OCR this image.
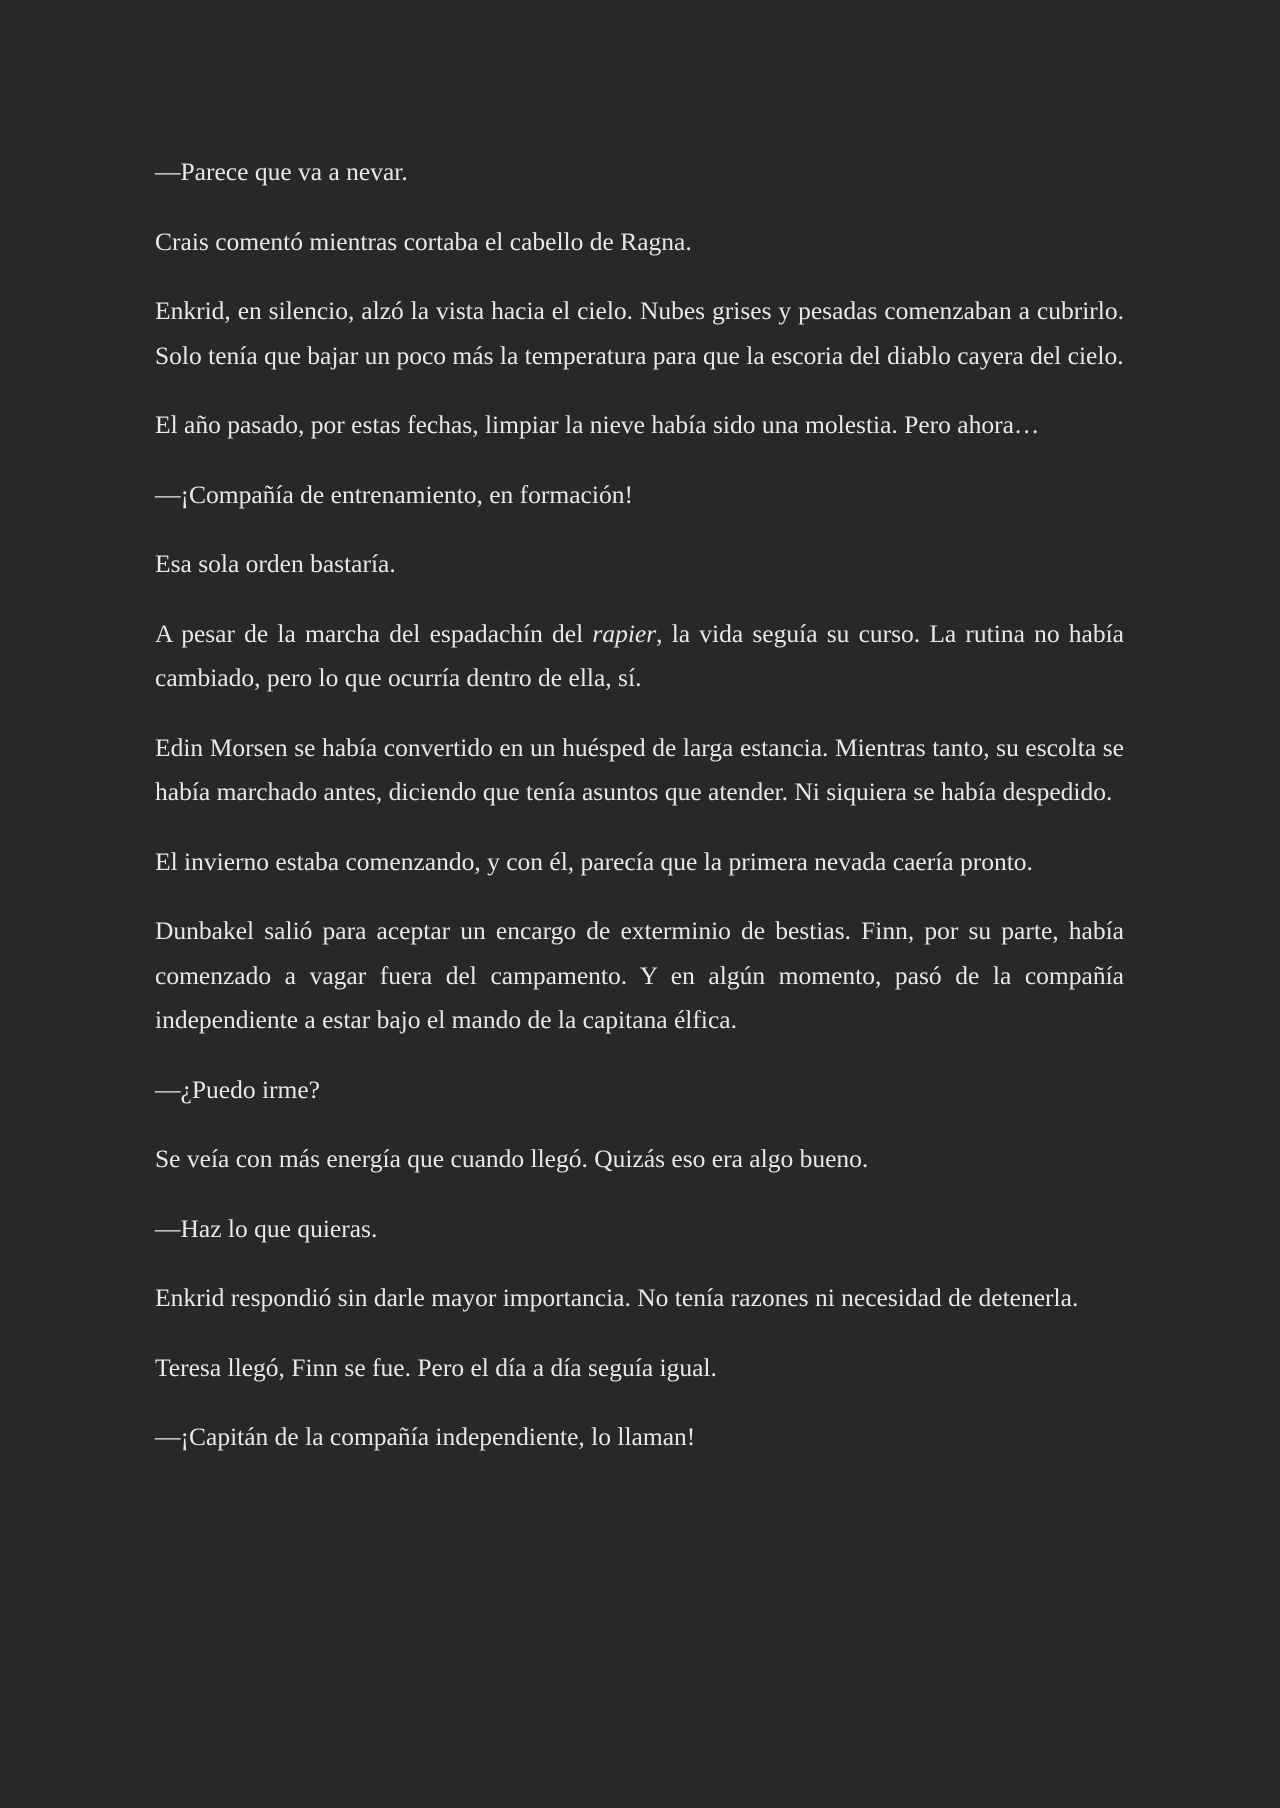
—Parece que va a nevar.

Crais comentó mientras cortaba el cabello de Ragna.

Enkrid, en silencio, alzó la vista hacia el cielo. Nubes grises y pesadas comenzaban a cubrirlo. Solo tenía que bajar un poco más la temperatura para que la escoria del diablo cayera del cielo.

El año pasado, por estas fechas, limpiar la nieve había sido una molestia. Pero ahora…

—¡Compañía de entrenamiento, en formación!

Esa sola orden bastaría.

A pesar de la marcha del espadachín del rapier, la vida seguía su curso. La rutina no había cambiado, pero lo que ocurría dentro de ella, sí.

Edin Morsen se había convertido en un huésped de larga estancia. Mientras tanto, su escolta se había marchado antes, diciendo que tenía asuntos que atender. Ni siquiera se había despedido.

El invierno estaba comenzando, y con él, parecía que la primera nevada caería pronto.

Dunbakel salió para aceptar un encargo de exterminio de bestias. Finn, por su parte, había comenzado a vagar fuera del campamento. Y en algún momento, pasó de la compañía independiente a estar bajo el mando de la capitana élfica.

—¿Puedo irme?

Se veía con más energía que cuando llegó. Quizás eso era algo bueno.

—Haz lo que quieras.

Enkrid respondió sin darle mayor importancia. No tenía razones ni necesidad de detenerla.

Teresa llegó, Finn se fue. Pero el día a día seguía igual.

—¡Capitán de la compañía independiente, lo llaman!
